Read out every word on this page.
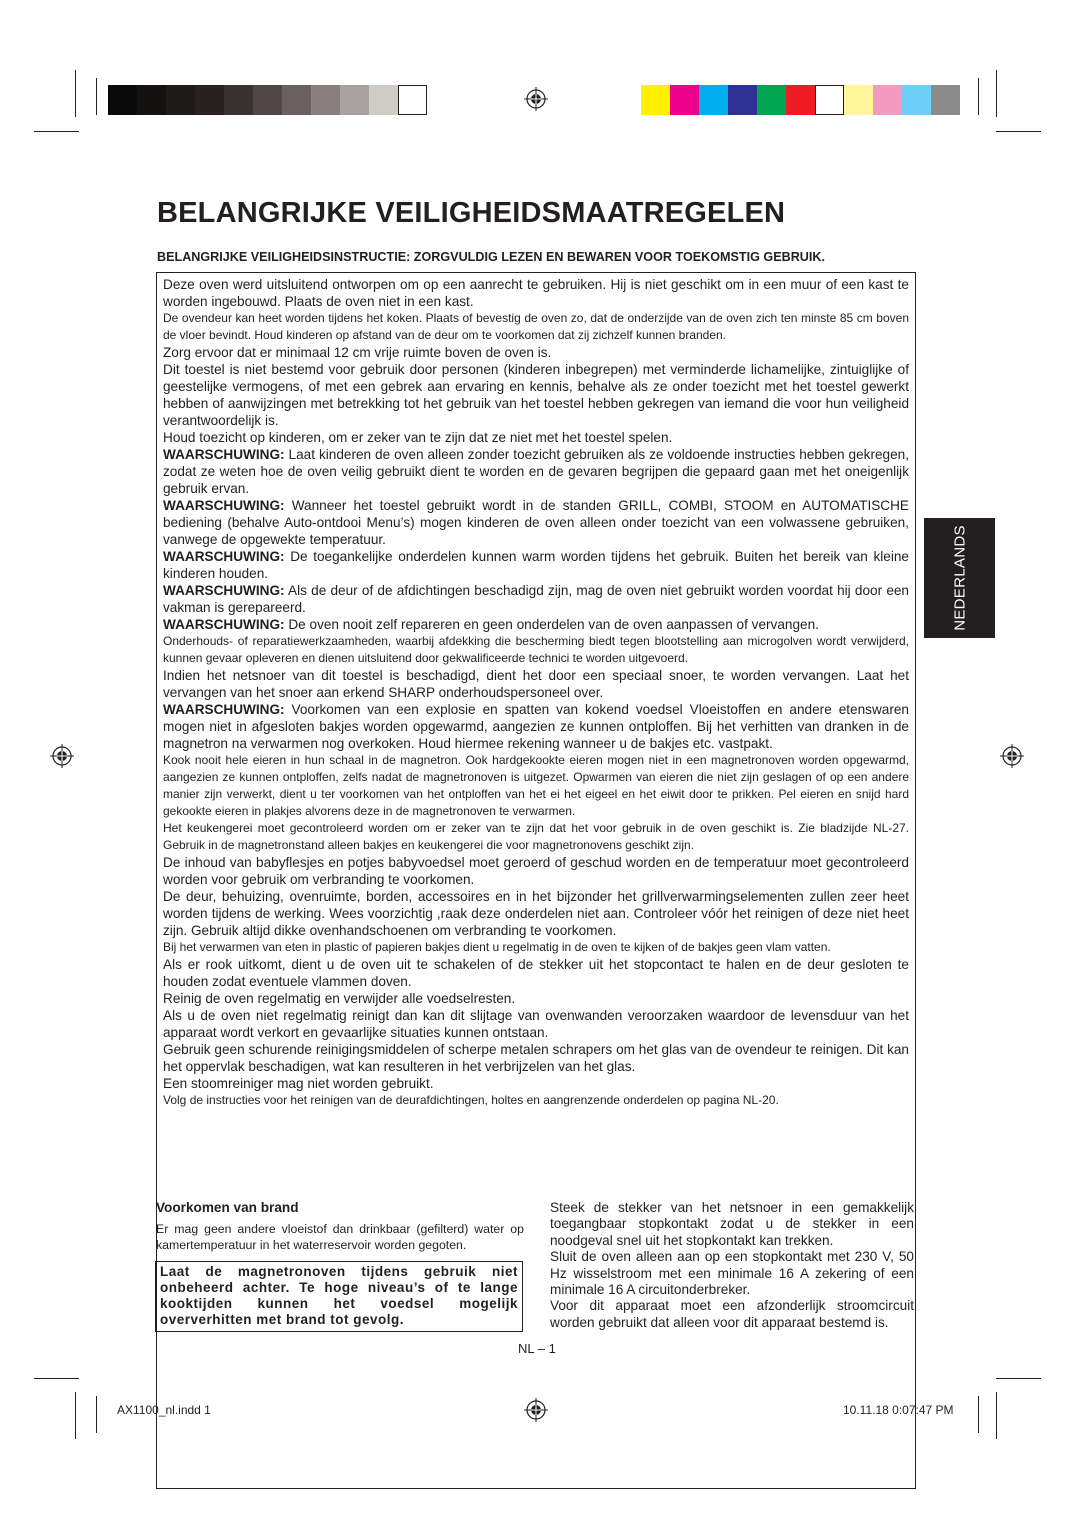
BELANGRIJKE VEILIGHEIDSMAATREGELEN
BELANGRIJKE VEILIGHEIDSINSTRUCTIE: ZORGVULDIG LEZEN EN BEWAREN VOOR TOEKOMSTIG GEBRUIK.

Deze oven werd uitsluitend ontworpen om op een aanrecht te gebruiken. Hij is niet geschikt om in een muur of een kast te worden ingebouwd. Plaats de oven niet in een kast.

De ovendeur kan heet worden tijdens het koken. Plaats of bevestig de oven zo, dat de onderzijde van de oven zich ten minste 85 cm boven de vloer bevindt. Houd kinderen op afstand van de deur om te voorkomen dat zij zichzelf kunnen branden.

Zorg ervoor dat er minimaal 12 cm vrije ruimte boven de oven is.

Dit toestel is niet bestemd voor gebruik door personen (kinderen inbegrepen) met verminderde lichamelijke, zintuiglijke of geestelijke vermogens, of met een gebrek aan ervaring en kennis, behalve als ze onder toezicht met het toestel gewerkt hebben of aanwijzingen met betrekking tot het gebruik van het toestel hebben gekregen van iemand die voor hun veiligheid verantwoordelijk is.

Houd toezicht op kinderen, om er zeker van te zijn dat ze niet met het toestel spelen.

WAARSCHUWING: Laat kinderen de oven alleen zonder toezicht gebruiken als ze voldoende instructies hebben gekregen, zodat ze weten hoe de oven veilig gebruikt dient te worden en de gevaren begrijpen die gepaard gaan met het oneigenlijk gebruik ervan.

WAARSCHUWING: Wanneer het toestel gebruikt wordt in de standen GRILL, COMBI, STOOM en AUTOMATISCHE bediening (behalve Auto-ontdooi Menu’s) mogen kinderen de oven alleen onder toezicht van een volwassene gebruiken, vanwege de opgewekte temperatuur.

WAARSCHUWING: De toegankelijke onderdelen kunnen warm worden tijdens het gebruik. Buiten het bereik van kleine kinderen houden.

WAARSCHUWING: Als de deur of de afdichtingen beschadigd zijn, mag de oven niet gebruikt worden voordat hij door een vakman is gerepareerd.

WAARSCHUWING: De oven nooit zelf repareren en geen onderdelen van de oven aanpassen of vervangen.

Onderhouds- of reparatiewerkzaamheden, waarbij afdekking die bescherming biedt tegen blootstelling aan microgolven wordt verwijderd, kunnen gevaar opleveren en dienen uitsluitend door gekwalificeerde technici te worden uitgevoerd.

Indien het netsnoer van dit toestel is beschadigd, dient het door een speciaal snoer, te worden vervangen. Laat het vervangen van het snoer aan erkend SHARP onderhoudspersoneel over.

WAARSCHUWING: Voorkomen van een explosie en spatten van kokend voedsel Vloeistoffen en andere etenswaren mogen niet in afgesloten bakjes worden opgewarmd, aangezien ze kunnen ontploffen. Bij het verhitten van dranken in de magnetron na verwarmen nog overkoken. Houd hiermee rekening wanneer u de bakjes etc. vastpakt.

Kook nooit hele eieren in hun schaal in de magnetron. Ook hardgekookte eieren mogen niet in een magnetronoven worden opgewarmd, aangezien ze kunnen ontploffen, zelfs nadat de magnetronoven is uitgezet. Opwarmen van eieren die niet zijn geslagen of op een andere manier zijn verwerkt, dient u ter voorkomen van het ontploffen van het ei het eigeel en het eiwit door te prikken. Pel eieren en snijd hard gekookte eieren in plakjes alvorens deze in de magnetronoven te verwarmen.

Het keukengerei moet gecontroleerd worden om er zeker van te zijn dat het voor gebruik in de oven geschikt is. Zie bladzijde NL-27. Gebruik in de magnetronstand alleen bakjes en keukengerei die voor magnetronovens geschikt zijn.

De inhoud van babyflesjes en potjes babyvoedsel moet geroerd of geschud worden en de temperatuur moet gecontroleerd worden voor gebruik om verbranding te voorkomen.

De deur, behuizing, ovenruimte, borden, accessoires en in het bijzonder het grillverwarmingselementen zullen zeer heet worden tijdens de werking. Wees voorzichtig ,raak deze onderdelen niet aan. Controleer vóór het reinigen of deze niet heet zijn. Gebruik altijd dikke ovenhandschoenen om verbranding te voorkomen.

Bij het verwarmen van eten in plastic of papieren bakjes dient u regelmatig in de oven te kijken of de bakjes geen vlam vatten.

Als er rook uitkomt, dient u de oven uit te schakelen of de stekker uit het stopcontact te halen en de deur gesloten te houden zodat eventuele vlammen doven.

Reinig de oven regelmatig en verwijder alle voedselresten.

Als u de oven niet regelmatig reinigt dan kan dit slijtage van ovenwanden veroorzaken waardoor de levensduur van het apparaat wordt verkort en gevaarlijke situaties kunnen ontstaan.

Gebruik geen schurende reinigingsmiddelen of scherpe metalen schrapers om het glas van de ovendeur te reinigen. Dit kan het oppervlak beschadigen, wat kan resulteren in het verbrijzelen van het glas.

Een stoomreiniger mag niet worden gebruikt.

Volg de instructies voor het reinigen van de deurafdichtingen, holtes en aangrenzende onderdelen op pagina NL-20.

NEDERLANDS
Voorkomen van brand
Er mag geen andere vloeistof dan drinkbaar (gefilterd) water op kamertemperatuur in het waterreservoir worden gegoten.
Laat de magnetronoven tijdens gebruik niet onbeheerd achter. Te hoge niveau’s of te lange kooktijden kunnen het voedsel mogelijk oververhitten met brand tot gevolg.

Steek de stekker van het netsnoer in een gemakkelijk toegangbaar stopkontakt zodat u de stekker in een noodgeval snel uit het stopkontakt kan trekken.

Sluit de oven alleen aan op een stopkontakt met 230 V, 50 Hz wisselstroom met een minimale 16 A zekering of een minimale 16 A circuitonderbreker.

Voor dit apparaat moet een afzonderlijk stroomcircuit worden gebruikt dat alleen voor dit apparaat bestemd is.

NL – 1
AX1100_nl.indd 1	10.11.18 0:07:47 PM
